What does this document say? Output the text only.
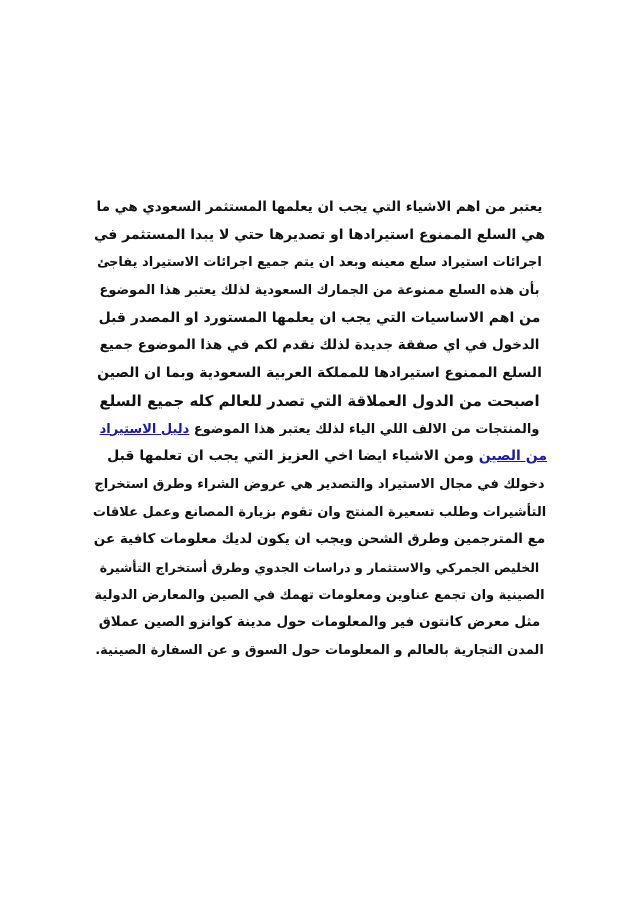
يعتبر من اهم الاشياء التي يجب ان يعلمها المستثمر السعودي هي ما
هي السلع الممنوع استيرادها او تصديرها حتي لا يبدا المستثمر في
اجرائات استيراد سلع معينه وبعد ان يتم جميع اجرائات الاستيراد يفاجئ
بأن هذه السلع ممنوعة من الجمارك السعودية لذلك يعتبر هذا الموضوع
من اهم الاساسيات التي يجب ان يعلمها المستورد او المصدر قبل
الدخول في اي صفقة جديدة لذلك نقدم لكم في هذا الموضوع جميع
السلع الممنوع استيرادها للمملكة العربية السعودية وبما ان الصين
اصبحت من الدول العملاقة التي تصدر للعالم كله جميع السلع
والمنتجات من الالف اللي الياء لذلك يعتبر هذا الموضوع دليل الاستيراد
من الصين ومن الاشياء ايضا اخي العزيز التي يجب ان تعلمها قبل
دخولك في مجال الاستيراد والتصدير هي عروض الشراء وطرق استخراج
التأشيرات وطلب تسعيرة المنتج وان تقوم بزيارة المصانع وعمل علاقات
مع المترجمين وطرق الشحن ويجب ان يكون لديك معلومات كافية عن
الخليص الجمركي والاستثمار و دراسات الجدوي وطرق أستخراج التأشيرة
الصينية وان تجمع عناوين ومعلومات تهمك في الصين والمعارض الدولية
مثل معرض كانتون فير والمعلومات حول مدينة كوانزو الصين عملاق
المدن التجارية بالعالم و المعلومات حول السوق و عن السفارة الصينية.
